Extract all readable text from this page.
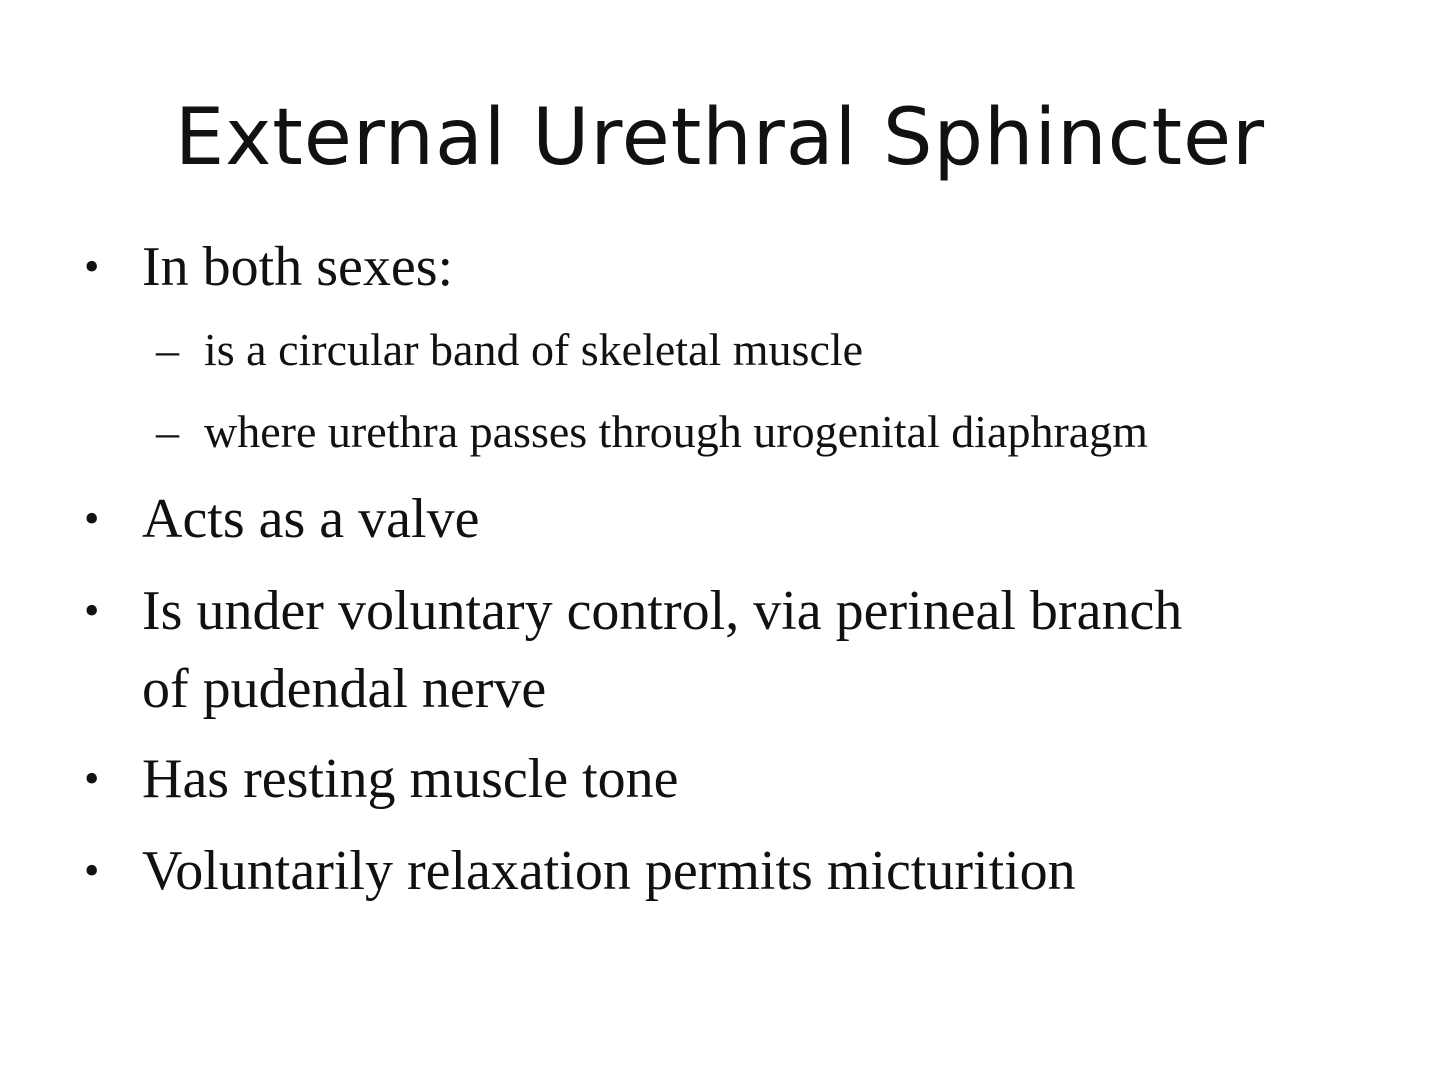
External Urethral Sphincter
• In both sexes:
– is a circular band of skeletal muscle
– where urethra passes through urogenital diaphragm
• Acts as a valve
• Is under voluntary control, via perineal branch
of pudendal nerve
• Has resting muscle tone
• Voluntarily relaxation permits micturition
